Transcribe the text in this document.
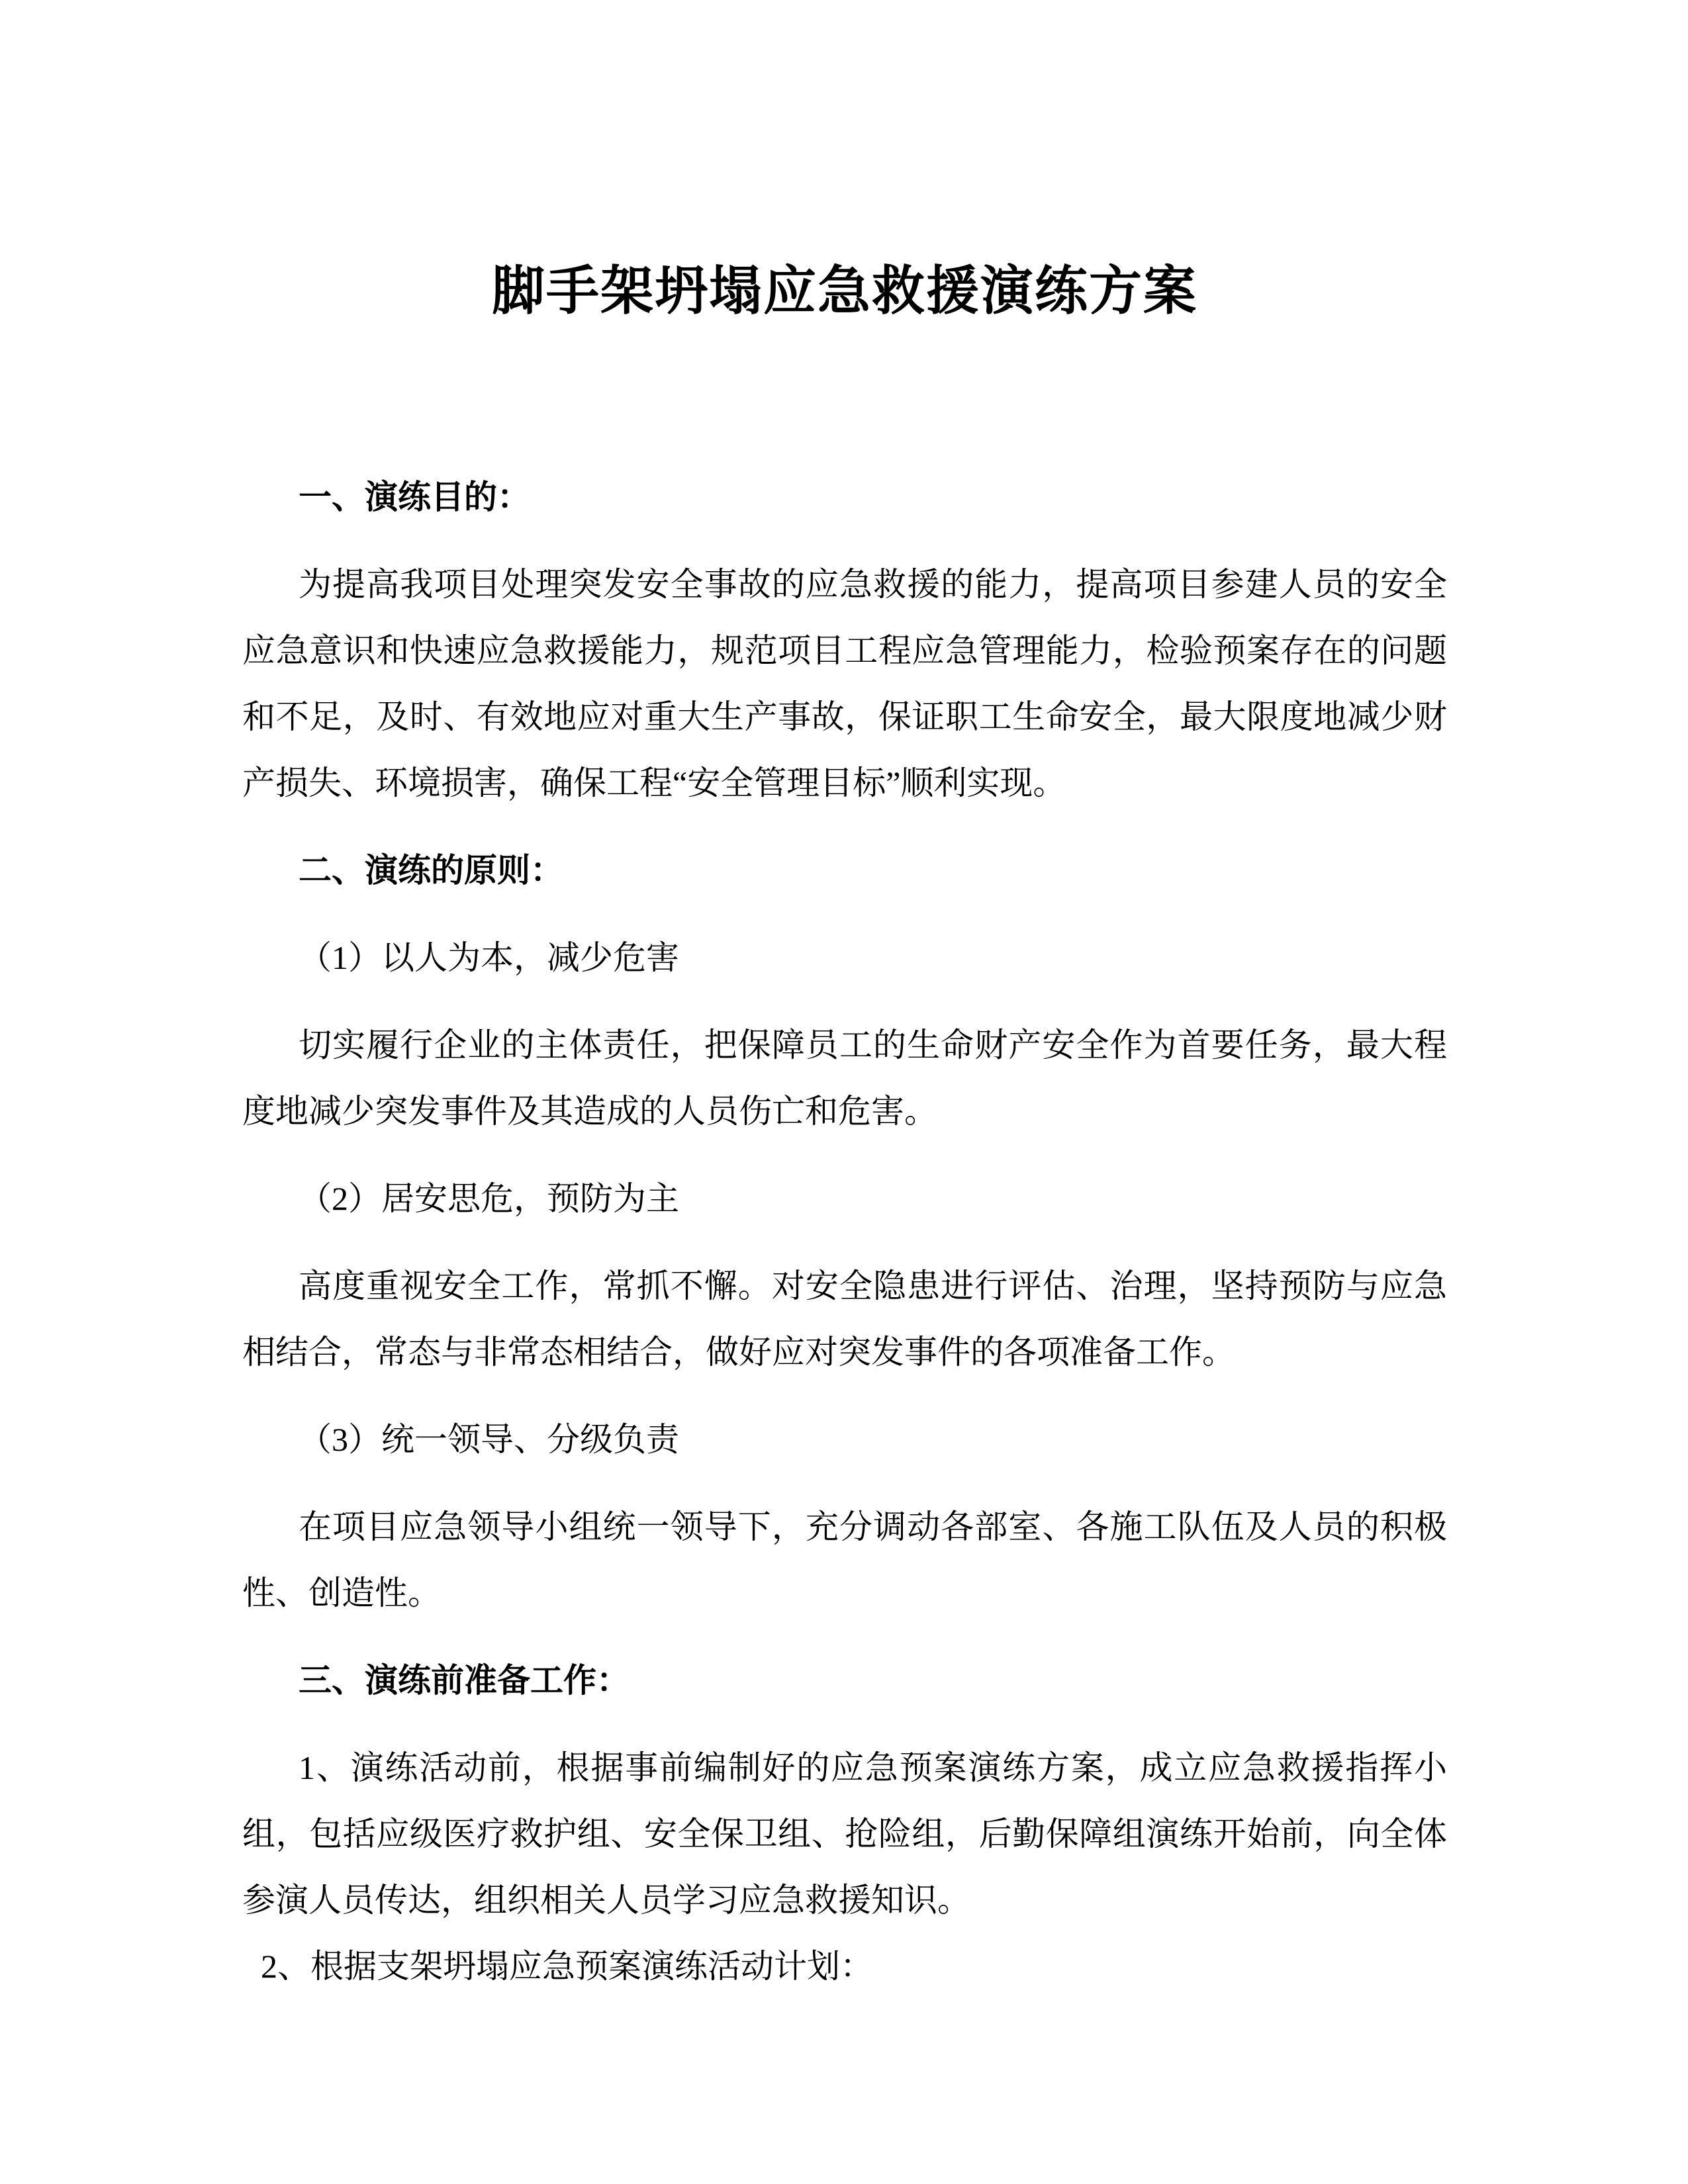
脚手架坍塌应急救援演练方案
一、演练目的：
为提高我项目处理突发安全事故的应急救援的能力，提高项目参建人员的安全
应急意识和快速应急救援能力，规范项目工程应急管理能力，检验预案存在的问题
和不足，及时、有效地应对重大生产事故，保证职工生命安全，最大限度地减少财
产损失、环境损害，确保工程“安全管理目标”顺利实现。
二、演练的原则：
（1）以人为本，减少危害
切实履行企业的主体责任，把保障员工的生命财产安全作为首要任务，最大程
度地减少突发事件及其造成的人员伤亡和危害。
（2）居安思危，预防为主
高度重视安全工作，常抓不懈。对安全隐患进行评估、治理，坚持预防与应急
相结合，常态与非常态相结合，做好应对突发事件的各项准备工作。
（3）统一领导、分级负责
在项目应急领导小组统一领导下，充分调动各部室、各施工队伍及人员的积极
性、创造性。
三、演练前准备工作：
1、演练活动前，根据事前编制好的应急预案演练方案，成立应急救援指挥小
组，包括应级医疗救护组、安全保卫组、抢险组，后勤保障组演练开始前，向全体
参演人员传达，组织相关人员学习应急救援知识。
2、根据支架坍塌应急预案演练活动计划：
